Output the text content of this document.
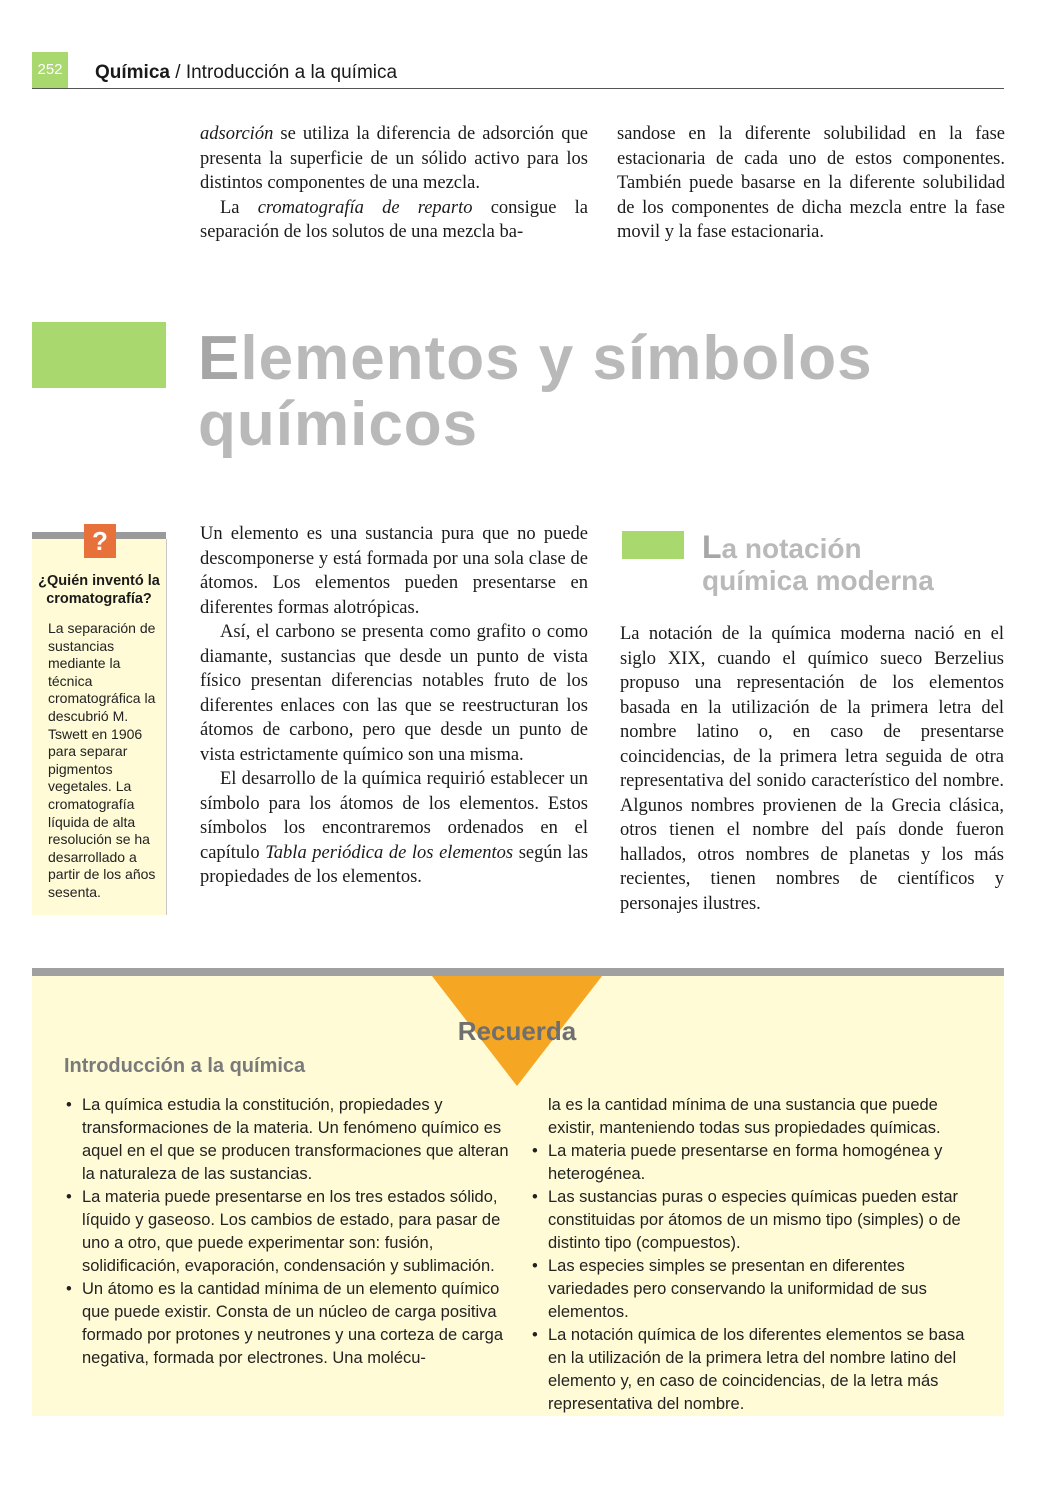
252 Química / Introducción a la química

adsorción se utiliza la diferencia de adsorción que presenta la superficie de un sólido activo para los distintos componentes de una mezcla.

La cromatografía de reparto consigue la separación de los solutos de una mezcla ba-

sandose en la diferente solubilidad en la fase estacionaria de cada uno de estos componentes. También puede basarse en la diferente solubilidad de los componentes de dicha mezcla entre la fase movil y la fase estacionaria.

Elementos y símbolos
químicos
?
¿Quién inventó la cromatografía?
La separación de sustancias mediante la técnica cromatográfica la descubrió M. Tswett en 1906 para separar pigmentos vegetales. La cromatografía líquida de alta resolución se ha desarrollado a partir de los años sesenta.

Un elemento es una sustancia pura que no puede descomponerse y está formada por una sola clase de átomos. Los elementos pueden presentarse en diferentes formas alotrópicas.

Así, el carbono se presenta como grafito o como diamante, sustancias que desde un punto de vista físico presentan diferencias notables fruto de los diferentes enlaces con las que se reestructuran los átomos de carbono, pero que desde un punto de vista estrictamente químico son una misma.

El desarrollo de la química requirió establecer un símbolo para los átomos de los elementos. Estos símbolos los encontraremos ordenados en el capítulo Tabla periódica de los elementos según las propiedades de los elementos.

La notación
química moderna

La notación de la química moderna nació en el siglo XIX, cuando el químico sueco Berzelius propuso una representación de los elementos basada en la utilización de la primera letra del nombre latino o, en caso de presentarse coincidencias, de la primera letra seguida de otra representativa del sonido característico del nombre. Algunos nombres provienen de la Grecia clásica, otros tienen el nombre del país donde fueron hallados, otros nombres de planetas y los más recientes, tienen nombres de científicos y personajes ilustres.

Recuerda
Introducción a la química
• La química estudia la constitución, propiedades y transformaciones de la materia. Un fenómeno químico es aquel en el que se producen transformaciones que alteran la naturaleza de las sustancias.
• La materia puede presentarse en los tres estados sólido, líquido y gaseoso. Los cambios de estado, para pasar de uno a otro, que puede experimentar son: fusión, solidificación, evaporación, condensación y sublimación.
• Un átomo es la cantidad mínima de un elemento químico que puede existir. Consta de un núcleo de carga positiva formado por protones y neutrones y una corteza de carga negativa, formada por electrones. Una molécu-
la es la cantidad mínima de una sustancia que puede existir, manteniendo todas sus propiedades químicas.
• La materia puede presentarse en forma homogénea y heterogénea.
• Las sustancias puras o especies químicas pueden estar constituidas por átomos de un mismo tipo (simples) o de distinto tipo (compuestos).
• Las especies simples se presentan en diferentes variedades pero conservando la uniformidad de sus elementos.
• La notación química de los diferentes elementos se basa en la utilización de la primera letra del nombre latino del elemento y, en caso de coincidencias, de la letra más representativa del nombre.
